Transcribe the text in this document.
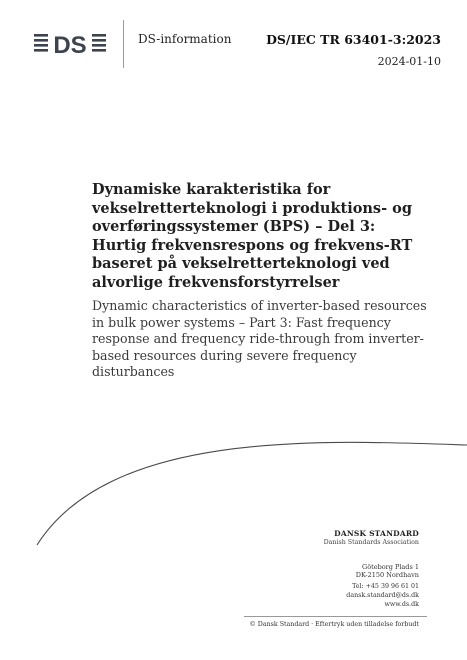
DS	DS-information	DS/IEC TR 63401-3:2023
2024-01-10
Dynamiske karakteristika for vekselretterteknologi i produktions- og overføringssystemer (BPS) – Del 3: Hurtig frekvensrespons og frekvens-RT baseret på vekselretterteknologi ved alvorlige frekvensforstyrrelser
Dynamic characteristics of inverter-based resources in bulk power systems – Part 3: Fast frequency response and frequency ride-through from inverter-based resources during severe frequency disturbances
DANSK STANDARD
Danish Standards Association
Göteborg Plads 1
DK-2150 Nordhavn
Tel: +45 39 96 61 01
dansk.standard@ds.dk
www.ds.dk
© Dansk Standard · Eftertryk uden tilladelse forbudt
